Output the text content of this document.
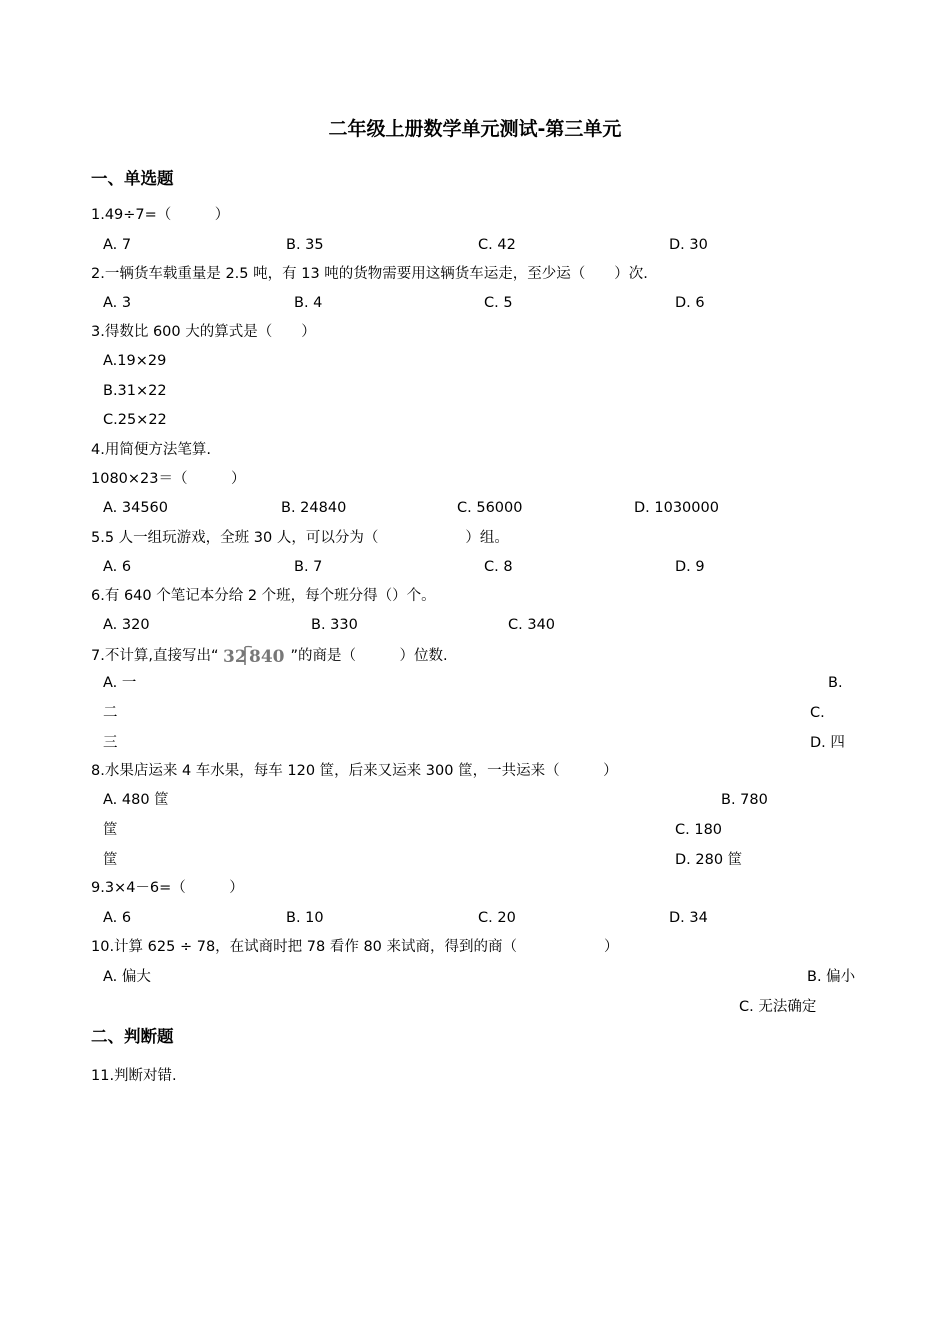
二年级上册数学单元测试-第三单元
一、单选题
1.49÷7=（　　　）
A. 7	B. 35	C. 42	D. 30
2.一辆货车载重量是 2.5 吨，有 13 吨的货物需要用这辆货车运走，至少运（　　）次.
A. 3	B. 4	C. 5	D. 6
3.得数比 600 大的算式是（　　）
A.19×29
B.31×22
C.25×22
4.用简便方法笔算.
1080×23＝（　　　）
A. 34560	B. 24840	C. 56000	D. 1030000
5.5 人一组玩游戏，全班 30 人，可以分为（　　　　　　）组。
A. 6	B. 7	C. 8	D. 9
6.有 640 个笔记本分给 2 个班，每个班分得（）个。
A. 320	B. 330	C. 340
7.不计算,直接写出“ 32 840 ”的商是（　　　）位数.
A. 一	B.
二	C.
三	D. 四
8.水果店运来 4 车水果，每车 120 筐，后来又运来 300 筐，一共运来（　　　）
A. 480 筐	B. 780
筐	C. 180
筐	D. 280 筐
9.3×4－6=（　　　）
A. 6	B. 10	C. 20	D. 34
10.计算 625 ÷ 78，在试商时把 78 看作 80 来试商，得到的商（　　　　　　）
A. 偏大	B. 偏小
C. 无法确定
二、判断题
11.判断对错.
